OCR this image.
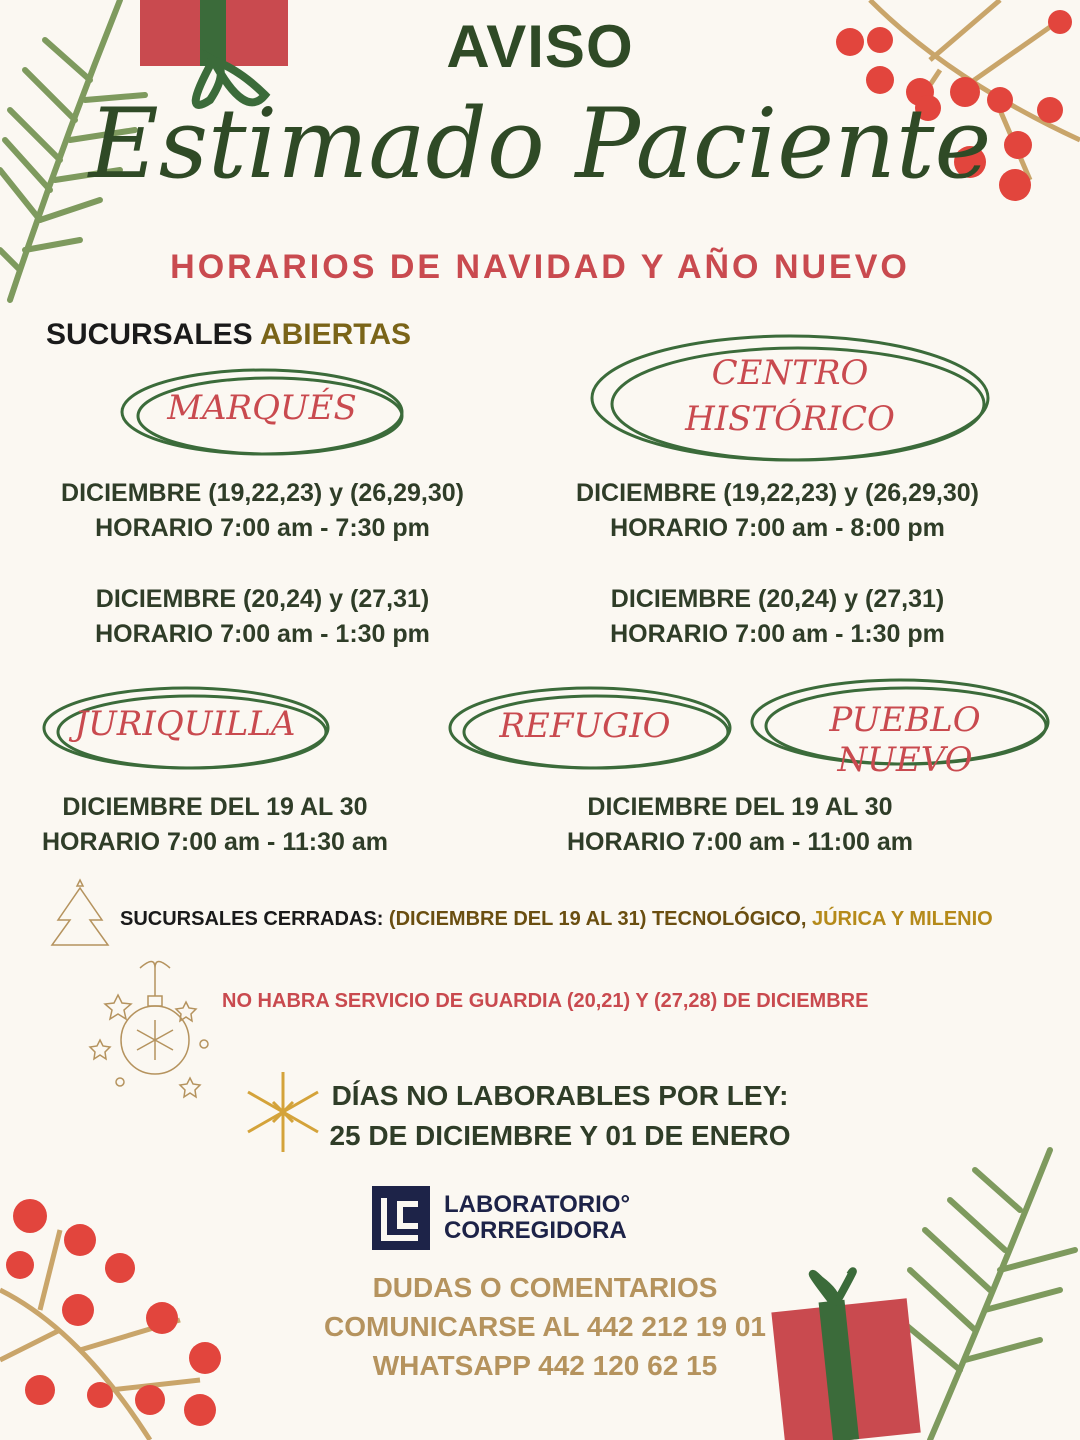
AVISO
Estimado Paciente
HORARIOS DE NAVIDAD Y AÑO NUEVO
SUCURSALES ABIERTAS
MARQUÉS
DICIEMBRE (19,22,23) y (26,29,30)
HORARIO 7:00 am - 7:30 pm
DICIEMBRE (20,24) y (27,31)
HORARIO 7:00 am - 1:30 pm
CENTRO
HISTÓRICO
DICIEMBRE (19,22,23) y (26,29,30)
HORARIO 7:00 am - 8:00 pm
DICIEMBRE (20,24) y (27,31)
HORARIO 7:00 am - 1:30 pm
JURIQUILLA
DICIEMBRE DEL 19 AL 30
HORARIO 7:00 am - 11:30 am
REFUGIO	PUEBLO NUEVO
DICIEMBRE DEL 19 AL 30
HORARIO 7:00 am - 11:00 am
SUCURSALES CERRADAS: (DICIEMBRE DEL 19 AL 31) TECNOLÓGICO, JÚRICA Y MILENIO
NO HABRA SERVICIO DE GUARDIA (20,21) Y (27,28) DE DICIEMBRE
DÍAS NO LABORABLES POR LEY:
25 DE DICIEMBRE Y 01 DE ENERO
LABORATORIO°
CORREGIDORA
DUDAS O COMENTARIOS
COMUNICARSE AL 442 212 19 01
WHATSAPP 442 120 62 15
